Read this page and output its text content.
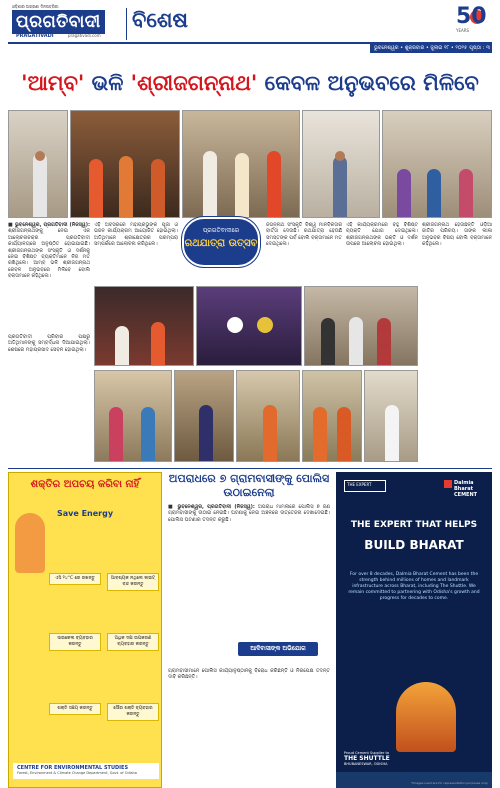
ଓଡ଼ିଶାର ଅଗ୍ରଣୀ ଦିନପତ୍ରିକା
ପ୍ରଗତିବାଦୀ
PRAGATIVADI	pragativadi.com
ବିଶେଷ	50
YEARS
ଭୁବନେଶ୍ୱର • ଶୁକ୍ରବାର • ଜୁଲାଇ ୧୮ • ୨୦୨୫ ପୃଷ୍ଠା : ୩
'ଆମ୍ବ' ଭଳି 'ଶ୍ରୀଜଗନ୍ନାଥ' କେବଳ ଅନୁଭବରେ ମିଳିବେ
■ ଭୁବନେଶ୍ୱର, ପ୍ରଗତିବାଦୀ (ନିଜସ୍ୱ): ଶ୍ରୀଜଗନ୍ନାଥଙ୍କୁ ନେଇ ଏକ ଆଲୋଚନାଚକ୍ର ପ୍ରଗତିବାଦୀ କାର୍ଯ୍ୟାଳୟରେ ଅନୁଷ୍ଠିତ ହୋଇଯାଇଛି। ଶ୍ରୀଜଗନ୍ନାଥଙ୍କ ସଂସ୍କୃତି ଓ ଦର୍ଶନକୁ ନେଇ ବିଶିଷ୍ଟ ବ୍ୟକ୍ତିମାନେ ନିଜ ମତ ରଖିଥିଲେ। ଆମ୍ବ ଭଳି ଶ୍ରୀଜଗନ୍ନାଥ କେବଳ ଅନୁଭବରେ ମିଳିବେ ବୋଲି ବକ୍ତାମାନେ କହିଥିଲେ।
ଏହି ଅବସରରେ ମହାପ୍ରଭୁଙ୍କ ପୂଜା ଓ ଭଜନ କାର୍ଯ୍ୟକ୍ରମ ଆୟୋଜିତ ହୋଇଥିଲା। ଅତିଥିମାନେ ଶ୍ରୀକ୍ଷେତ୍ରର ପରମ୍ପରା ସମ୍ପର୍କରେ ଆଲୋଚନା କରିଥିଲେ।
ପ୍ରଗତିବାଦୀରେ
ରଥଯାତ୍ରା ଉତ୍ସବ
ଜଗନ୍ନାଥ ସଂସ୍କୃତି ବିଶ୍ୱ ମାନବିକତାର ବାର୍ତ୍ତା ଦେଉଛି। ରଥଯାତ୍ରା ହେଉଛି ସମସ୍ତଙ୍କ ପର୍ବ ବୋଲି ବକ୍ତାମାନେ ମତ ଦେଇଥିଲେ।
ଏହି କାର୍ଯ୍ୟକ୍ରମରେ ବହୁ ବିଶିଷ୍ଟ ବ୍ୟକ୍ତି ଯୋଗ ଦେଇଥିଲେ। ଶ୍ରୀଜଗନ୍ନାଥଙ୍କ ଭକ୍ତି ଓ ଦର୍ଶନ ଉପରେ ଆଲୋଚନା ହୋଇଥିଲା।
ଶ୍ରୀଜଗନ୍ନାଥ ହେଉଛନ୍ତି ଓଡ଼ିଆ ଜାତିର ପରିଚୟ। ତାଙ୍କ ଲୀଳା ଅନୁଭବର ବିଷୟ ବୋଲି ବକ୍ତାମାନେ କହିଥିଲେ।
ପ୍ରଗତିବାଦୀ ପରିବାର ପକ୍ଷରୁ ଅତିଥିମାନଙ୍କୁ ସମ୍ବର୍ଦ୍ଧନା ଦିଆଯାଇଥିଲା। ଶେଷରେ ମହାପ୍ରସାଦ ସେବନ ହୋଇଥିଲା।
ଶକ୍ତିର ଅପଚୟ କରିବା ନାହିଁ
Save Energy
ଏସି ୨୪°C ରେ ରଖନ୍ତୁ	ଆବଶ୍ୟକ ନଥିଲେ ଲାଇଟ୍ ବନ୍ଦ କରନ୍ତୁ
ସାଇକେଲ ବ୍ୟବହାର କରନ୍ତୁ
ଅଧିକ ଦକ୍ଷ ଉପକରଣ ବ୍ୟବହାର କରନ୍ତୁ
ଶକ୍ତି ସଞ୍ଚୟ କରନ୍ତୁ	ସୌର ଶକ୍ତି ବ୍ୟବହାର କରନ୍ତୁ
CENTRE FOR ENVIRONMENTAL STUDIES
Forest, Environment & Climate Change Department, Govt. of Odisha
ଅପରାଧରେ ୭ ଗ୍ରାମବାସୀଙ୍କୁ ପୋଲିସ ଉଠାଇନେଲା
■ ଭୁବନେଶ୍ୱର, ପ୍ରଗତିବାଦୀ (ନିଜସ୍ୱ): ଅପରାଧ ମାମଲାରେ ପୋଲିସ ୭ ଜଣ ଗ୍ରାମବାସୀଙ୍କୁ ଉଠାଇ ନେଇଛି। ଘଟଣାକୁ ନେଇ ଅଞ୍ଚଳରେ ଉତ୍ତେଜନା ଦେଖାଦେଇଛି। ପୋଲିସ ଘଟଣାର ତଦନ୍ତ କରୁଛି।
ଆଦିବାସୀଙ୍କ ଅଭିଯୋଗ
ଗ୍ରାମବାସୀମାନେ ପୋଲିସ କାର୍ଯ୍ୟାନୁଷ୍ଠାନକୁ ବିରୋଧ କରିଛନ୍ତି ଓ ନିରପେକ୍ଷ ତଦନ୍ତ ଦାବି କରିଛନ୍ତି।
THE EXPERT	Dalmia Bharat
CEMENT
THE EXPERT THAT HELPS
BUILD BHARAT
For over 8 decades, Dalmia Bharat Cement has been the strength behind millions of homes and landmark infrastructure across Bharat, including The Shuttle. We remain committed to partnering with Odisha's growth and progress for decades to come.
Proud Cement Supplier to
THE SHUTTLE
BHUBANESWAR, ODISHA
*Images used are for representation purposes only.
